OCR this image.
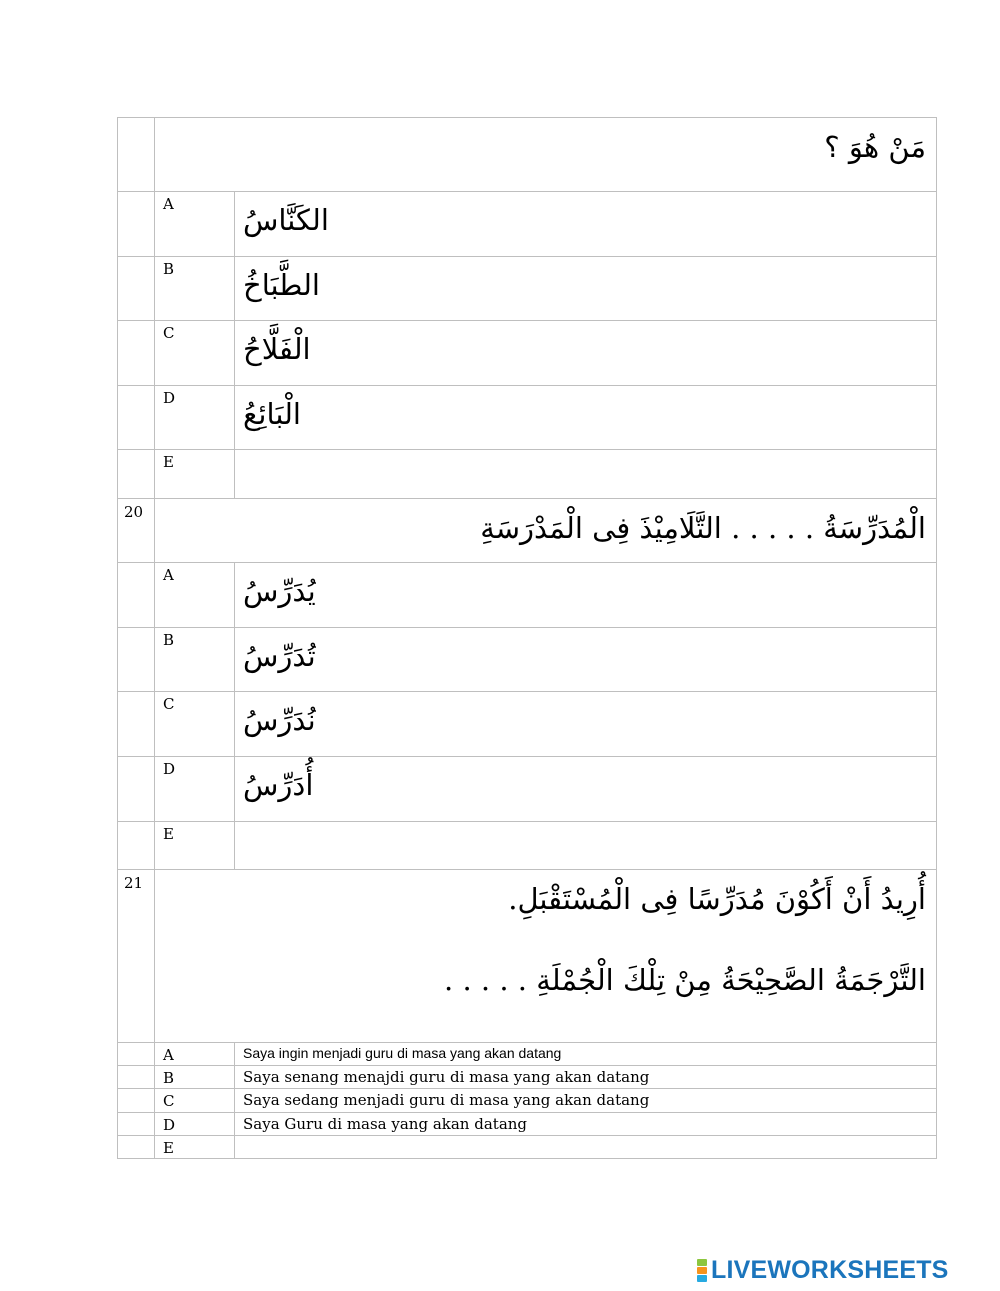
	مَنْ هُوَ ؟	

	A	الكَنَّاسُ
	B	الطَّبَاخُ
	C	الْفَلَّاحُ
	D	الْبَائِعُ
	E	
20	الْمُدَرِّسَةُ . . . . . التَّلَامِيْذَ فِى الْمَدْرَسَةِ	

	A	يُدَرِّسُ
	B	تُدَرِّسُ
	C	نُدَرِّسُ
	D	أُدَرِّسُ
	E	
21	أُرِيدُ أَنْ أَكُوْنَ مُدَرِّسًا فِى الْمُسْتَقْبَلِ.

التَّرْجَمَةُ الصَّحِيْحَةُ مِنْ تِلْكَ الْجُمْلَةِ . . . . .	

	A	Saya ingin menjadi guru di masa yang akan datang
	B	Saya senang menajdi guru di masa yang akan datang
	C	Saya sedang menjadi guru di masa yang akan datang
	D	Saya Guru di masa yang akan datang
	E	
LIVEWORKSHEETS
